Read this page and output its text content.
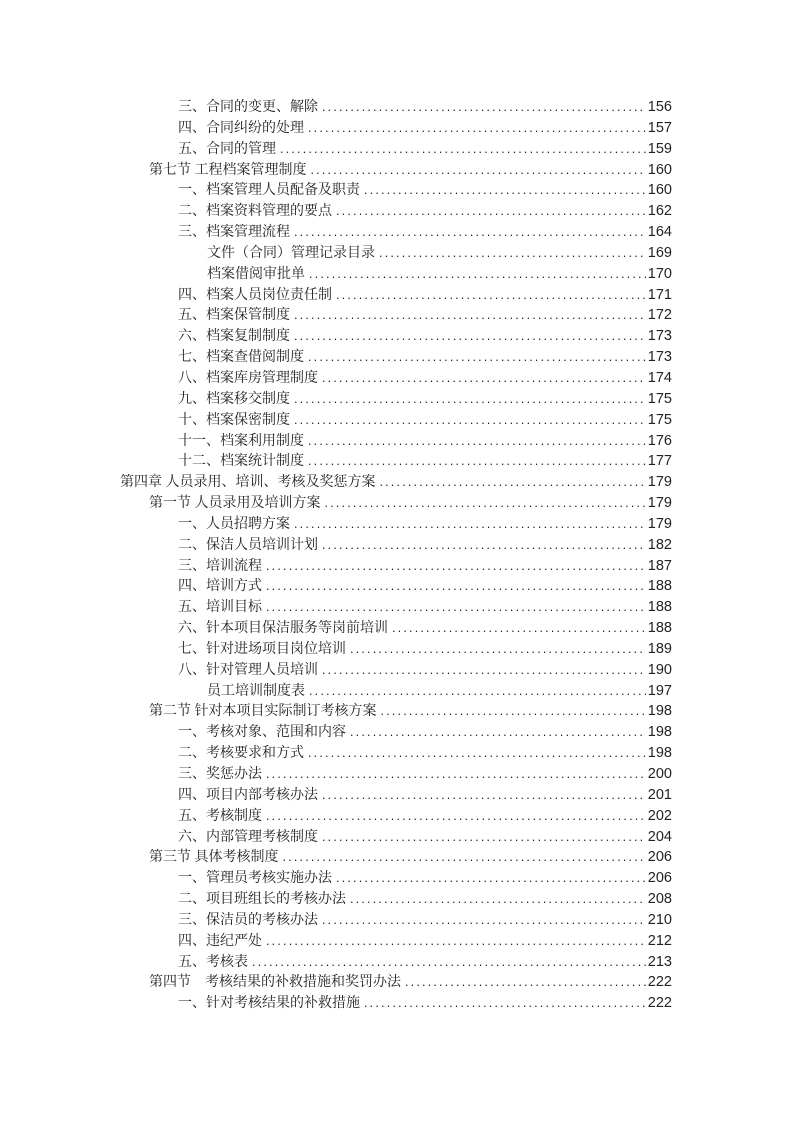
三、合同的变更、解除 .....	156
四、合同纠纷的处理 .....	157
五、合同的管理 .....	159
第七节 工程档案管理制度 .....	160
一、档案管理人员配备及职责 .....	160
二、档案资料管理的要点 .....	162
三、档案管理流程 .....	164
文件（合同）管理记录目录 .....	169
档案借阅审批单 .....	170
四、档案人员岗位责任制 .....	171
五、档案保管制度 .....	172
六、档案复制制度 .....	173
七、档案查借阅制度 .....	173
八、档案库房管理制度 .....	174
九、档案移交制度 .....	175
十、档案保密制度 .....	175
十一、档案利用制度 .....	176
十二、档案统计制度 .....	177
第四章 人员录用、培训、考核及奖惩方案 .....	179
第一节 人员录用及培训方案 .....	179
一、人员招聘方案 .....	179
二、保洁人员培训计划 .....	182
三、培训流程 .....	187
四、培训方式 .....	188
五、培训目标 .....	188
六、针本项目保洁服务等岗前培训 .....	188
七、针对进场项目岗位培训 .....	189
八、针对管理人员培训 .....	190
员工培训制度表 .....	197
第二节 针对本项目实际制订考核方案 .....	198
一、考核对象、范围和内容 .....	198
二、考核要求和方式 .....	198
三、奖惩办法 .....	200
四、项目内部考核办法 .....	201
五、考核制度 .....	202
六、内部管理考核制度 .....	204
第三节 具体考核制度 .....	206
一、管理员考核实施办法 .....	206
二、项目班组长的考核办法 .....	208
三、保洁员的考核办法 .....	210
四、违纪严处 .....	212
五、考核表 .....	213
第四节　考核结果的补救措施和奖罚办法 .....	222
一、针对考核结果的补救措施 .....	222
